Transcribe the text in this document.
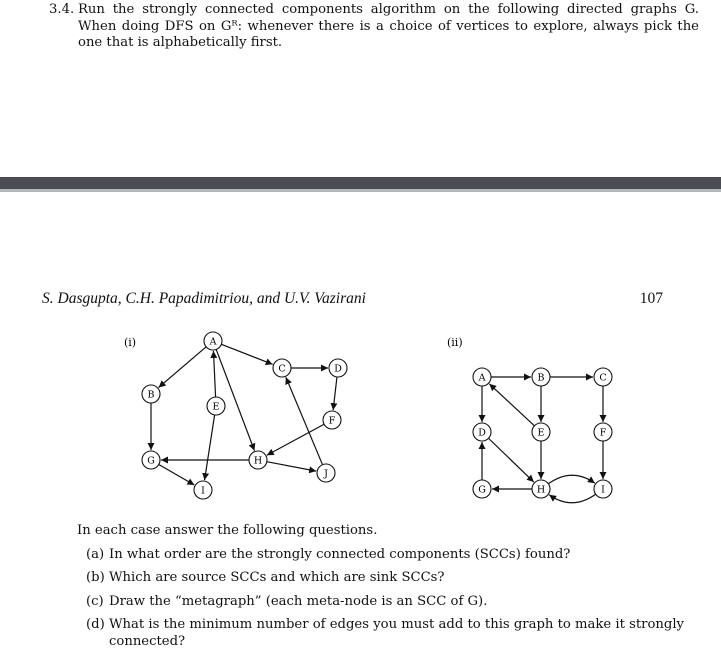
3.4. Run the strongly connected components algorithm on the following directed graphs G. When doing DFS on Gᴿ: whenever there is a choice of vertices to explore, always pick the one that is alphabetically first.
S. Dasgupta, C.H. Papadimitriou, and U.V. Vazirani	107
(i)	A
B
C	D
E
F
G	H
I
J
(ii)
A	B	C
D	E	F
G	H	I
In each case answer the following questions.
(a) In what order are the strongly connected components (SCCs) found?
(b) Which are source SCCs and which are sink SCCs?
(c) Draw the “metagraph” (each meta-node is an SCC of G).
(d) What is the minimum number of edges you must add to this graph to make it strongly connected?
